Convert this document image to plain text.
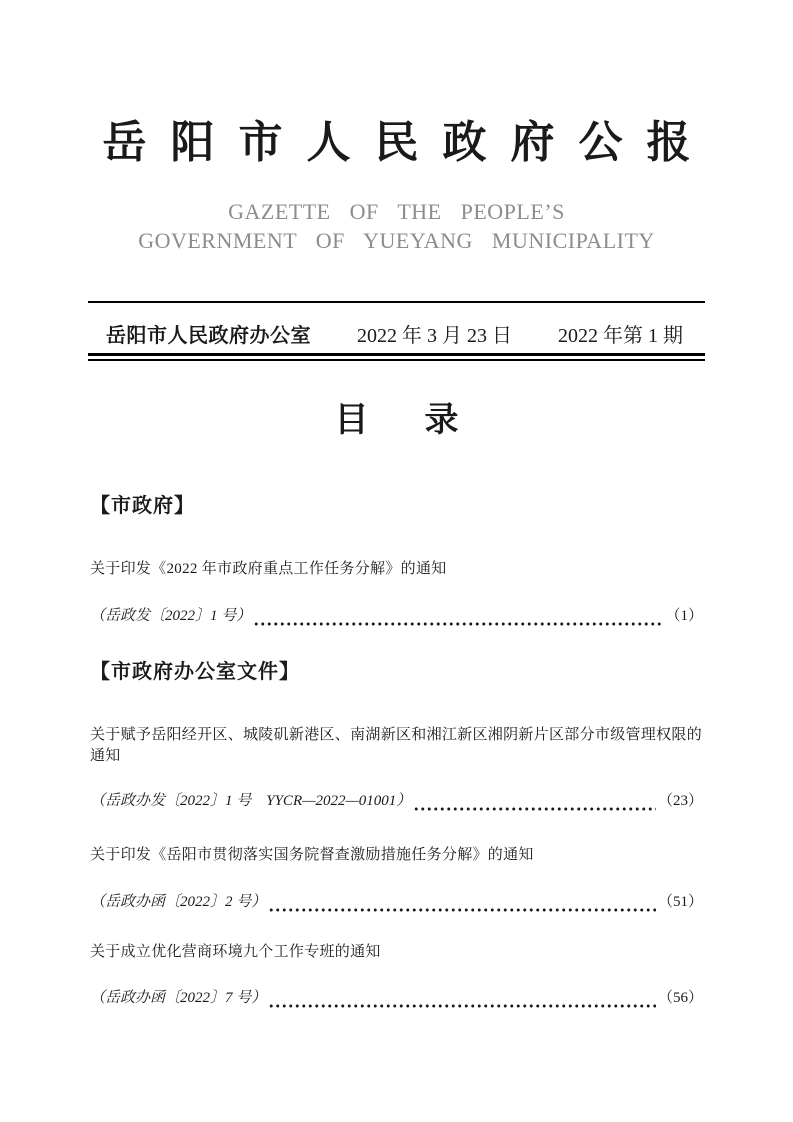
岳阳市人民政府公报
GAZETTE OF THE PEOPLE’S
GOVERNMENT OF YUEYANG MUNICIPALITY
岳阳市人民政府办公室 2022 年 3 月 23 日 2022 年第 1 期
目录
【市政府】
关于印发《2022 年市政府重点工作任务分解》的通知
（岳政发〔2022〕1 号）	（1）
【市政府办公室文件】
关于赋予岳阳经开区、城陵矶新港区、南湖新区和湘江新区湘阴新片区部分市级管理权限的通知
（岳政办发〔2022〕1 号　YYCR—2022—01001）	（23）
关于印发《岳阳市贯彻落实国务院督查激励措施任务分解》的通知
（岳政办函〔2022〕2 号）	（51）
关于成立优化营商环境九个工作专班的通知
（岳政办函〔2022〕7 号）	（56）
